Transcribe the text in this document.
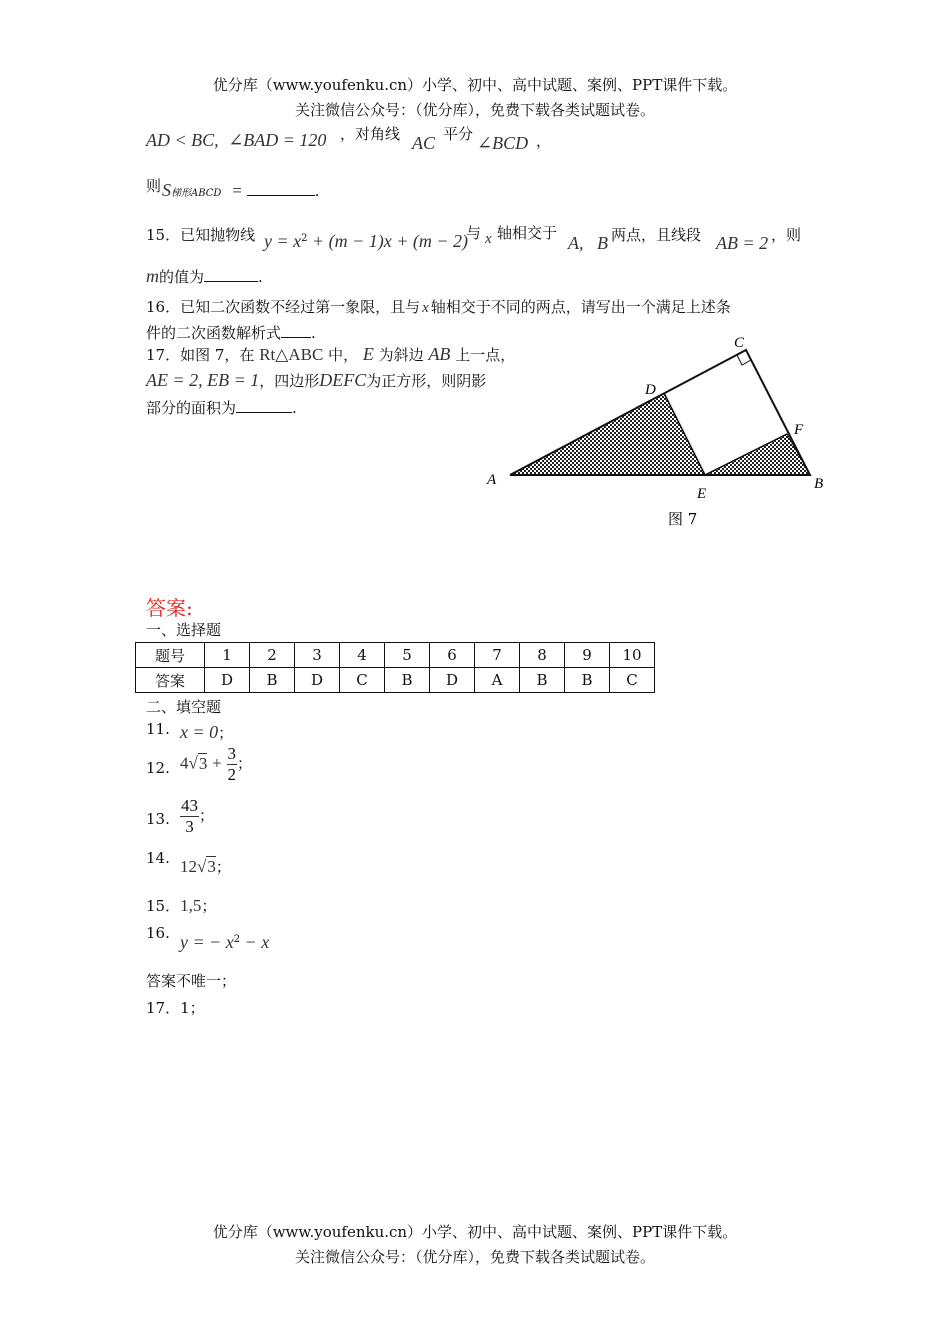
优分库（www.youfenku.cn）小学、初中、高中试题、案例、PPT课件下载。
关注微信公众号：（优分库），免费下载各类试题试卷。
AD < BC, ∠BAD = 120 ，对角线 AC 平分 ∠BCD ，
则 S梯形ABCD =	.
15．已知抛物线 $y = x^2 + (m - 1)x + (m - 2)$
与 x 轴相交于 A, B 两点，且线段 AB = 2 ，则
m的值为	.
16．已知二次函数不经过第一象限，且与 x 轴相交于不同的两点，请写出一个满足上述条
件的二次函数解析式 .
17．如图 7，在 Rt△ABC 中， E 为斜边 AB 上一点，
AE = 2, EB = 1，四边形DEFC为正方形，则阴影
部分的面积为	.
C
D
F
A
E
B
图 7
答案:
一、选择题
题号	1	2	3	4	5	6	7	8	9	10
答案	D	B	D	C	B	D	A	B	B	C
二、填空题
11. x = 0；
12. $4√3 + \frac{3}{2}$ ；
13. $\frac{43}{3}$ ；
14. 12√3；
15．1,5；
16. y = − $x^2 - x$
答案不唯一；
17．1；
优分库（www.youfenku.cn）小学、初中、高中试题、案例、PPT课件下载。
关注微信公众号：（优分库），免费下载各类试题试卷。
